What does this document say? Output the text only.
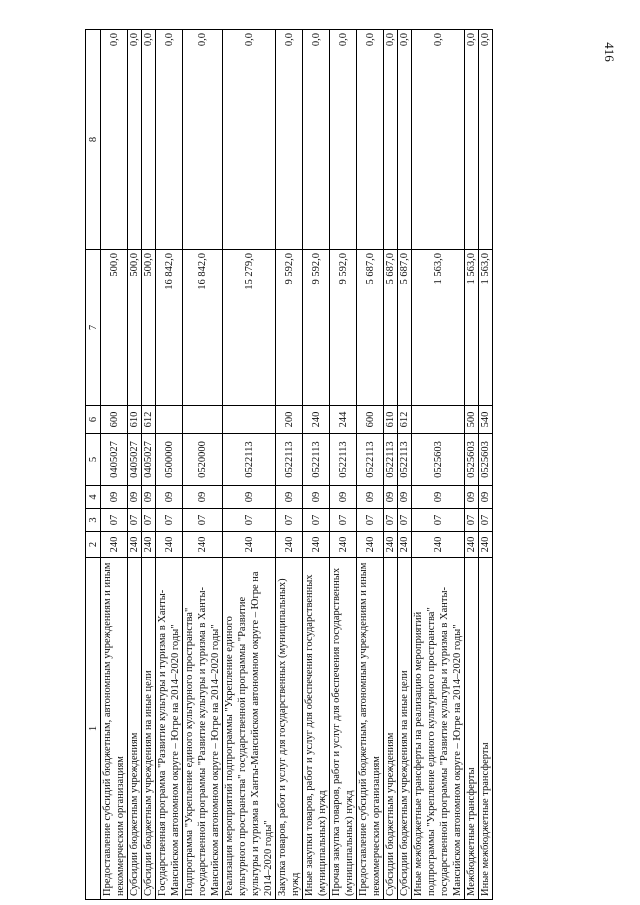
416
1	2	3	4	5	6	7	8
Предоставление субсидий бюджетным, автономным учреждениям и иным некоммерческим организациям	240	07	09	0405027	600	500,0	0,0
Субсидии бюджетным учреждениям	240	07	09	0405027	610	500,0	0,0
Субсидии бюджетным учреждениям на иные цели	240	07	09	0405027	612	500,0	0,0
Государственная программа "Развитие культуры и туризма в Ханты-Мансийском автономном округе – Югре на 2014–2020 годы"	240	07	09	0500000		16 842,0	0,0
Подпрограмма "Укрепление единого культурного пространства" государственной программы "Развитие культуры и туризма в Ханты-Мансийском автономном округе – Югре на 2014–2020 годы"	240	07	09	0520000		16 842,0	0,0
Реализация мероприятий подпрограммы "Укрепление единого культурного пространства" государственной программы "Развитие культуры и туризма в Ханты-Мансийском автономном округе – Югре на 2014–2020 годы"	240	07	09	0522113		15 279,0	0,0
Закупка товаров, работ и услуг для государственных (муниципальных) нужд	240	07	09	0522113	200	9 592,0	0,0
Иные закупки товаров, работ и услуг для обеспечения государственных (муниципальных) нужд	240	07	09	0522113	240	9 592,0	0,0
Прочая закупка товаров, работ и услуг для обеспечения государственных (муниципальных) нужд	240	07	09	0522113	244	9 592,0	0,0
Предоставление субсидий бюджетным, автономным учреждениям и иным некоммерческим организациям	240	07	09	0522113	600	5 687,0	0,0
Субсидии бюджетным учреждениям	240	07	09	0522113	610	5 687,0	0,0
Субсидии бюджетным учреждениям на иные цели	240	07	09	0522113	612	5 687,0	0,0
Иные межбюджетные трансферты на реализацию мероприятий подпрограммы "Укрепление единого культурного пространства" государственной программы "Развитие культуры и туризма в Ханты-Мансийском автономном округе – Югре на 2014–2020 годы"	240	07	09	0525603		1 563,0	0,0
Межбюджетные трансферты	240	07	09	0525603	500	1 563,0	0,0
Иные межбюджетные трансферты	240	07	09	0525603	540	1 563,0	0,0
